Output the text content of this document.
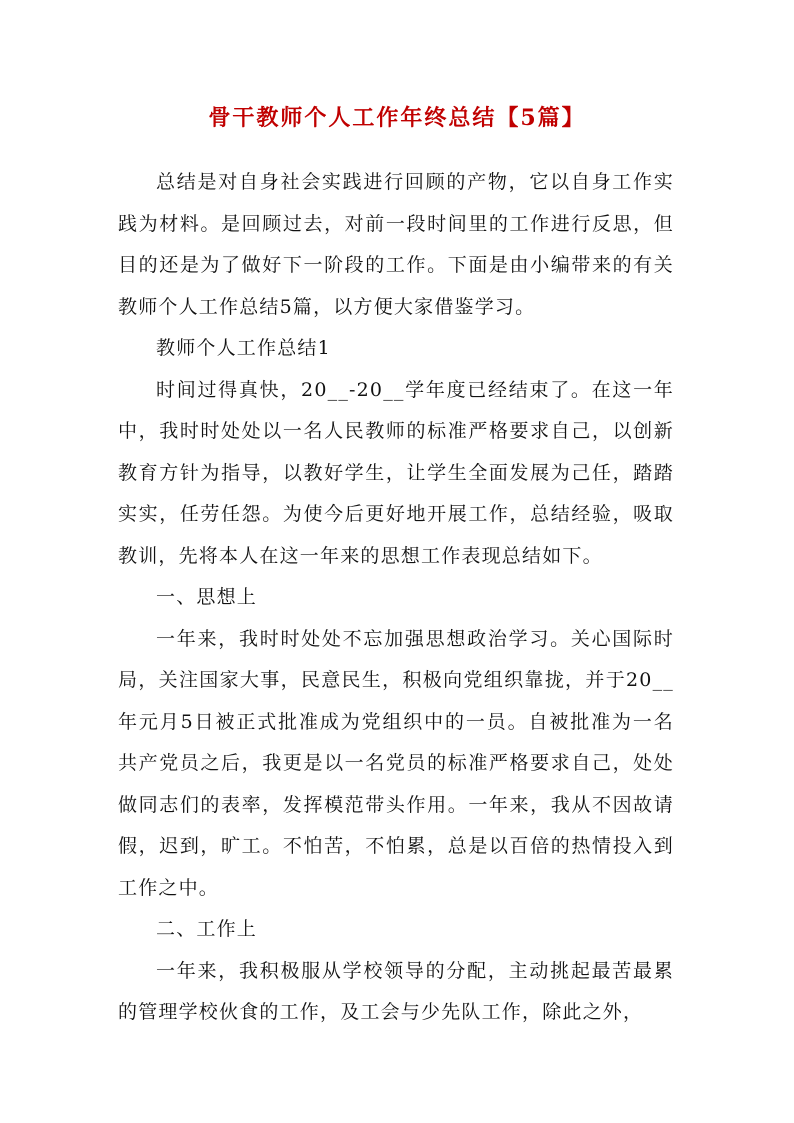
骨干教师个人工作年终总结【5篇】

总结是对自身社会实践进行回顾的产物，它以自身工作实践为材料。是回顾过去，对前一段时间里的工作进行反思，但目的还是为了做好下一阶段的工作。下面是由小编带来的有关教师个人工作总结5篇，以方便大家借鉴学习。

教师个人工作总结1

时间过得真快，20__-20__学年度已经结束了。在这一年中，我时时处处以一名人民教师的标准严格要求自己，以创新教育方针为指导，以教好学生，让学生全面发展为己任，踏踏实实，任劳任怨。为使今后更好地开展工作，总结经验，吸取教训，先将本人在这一年来的思想工作表现总结如下。

一、思想上

一年来，我时时处处不忘加强思想政治学习。关心国际时局，关注国家大事，民意民生，积极向党组织靠拢，并于20__年元月5日被正式批准成为党组织中的一员。自被批准为一名共产党员之后，我更是以一名党员的标准严格要求自己，处处做同志们的表率，发挥模范带头作用。一年来，我从不因故请假，迟到，旷工。不怕苦，不怕累，总是以百倍的热情投入到工作之中。

二、工作上

一年来，我积极服从学校领导的分配，主动挑起最苦最累的管理学校伙食的工作，及工会与少先队工作，除此之外，
